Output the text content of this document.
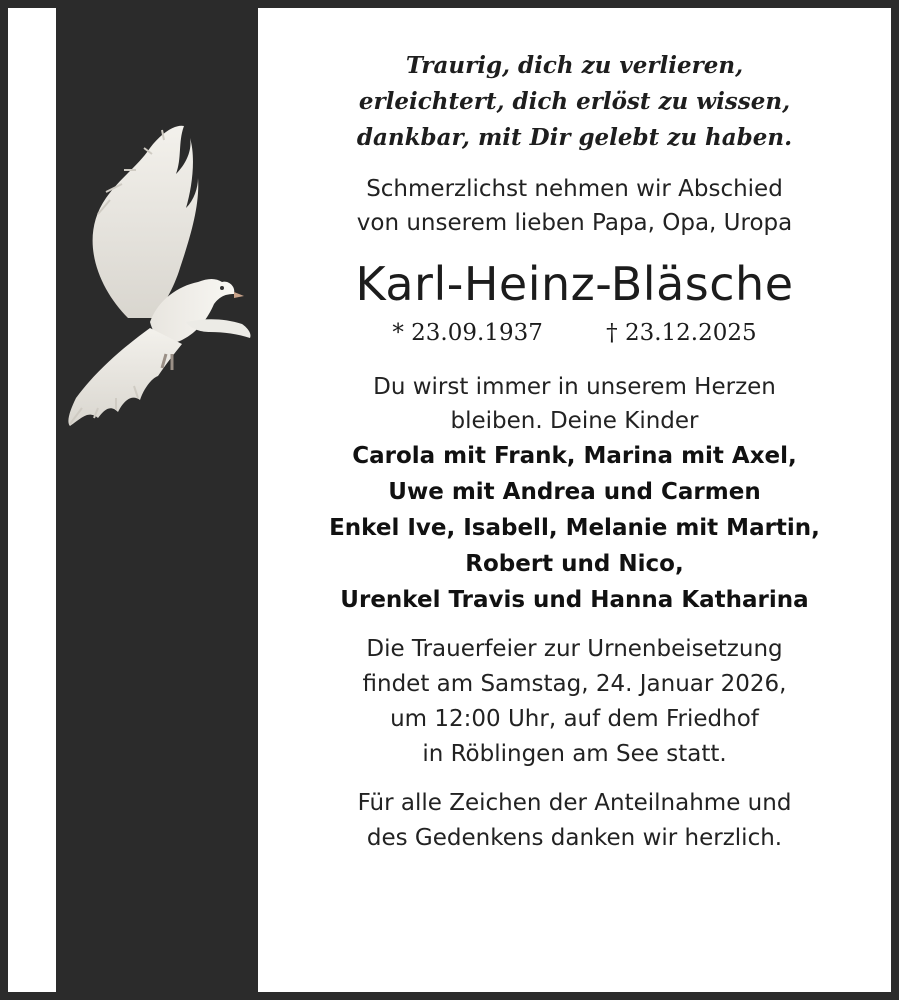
Traurig, dich zu verlieren,
erleichtert, dich erlöst zu wissen,
dankbar, mit Dir gelebt zu haben.

Schmerzlichst nehmen wir Abschied
von unserem lieben Papa, Opa, Uropa

Karl-Heinz-Bläsche

* 23.09.1937	† 23.12.2025

Du wirst immer in unserem Herzen
bleiben. Deine Kinder

Carola mit Frank, Marina mit Axel,
Uwe mit Andrea und Carmen
Enkel Ive, Isabell, Melanie mit Martin,
Robert und Nico,
Urenkel Travis und Hanna Katharina

Die Trauerfeier zur Urnenbeisetzung
findet am Samstag, 24. Januar 2026,
um 12:00 Uhr, auf dem Friedhof
in Röblingen am See statt.

Für alle Zeichen der Anteilnahme und
des Gedenkens danken wir herzlich.
